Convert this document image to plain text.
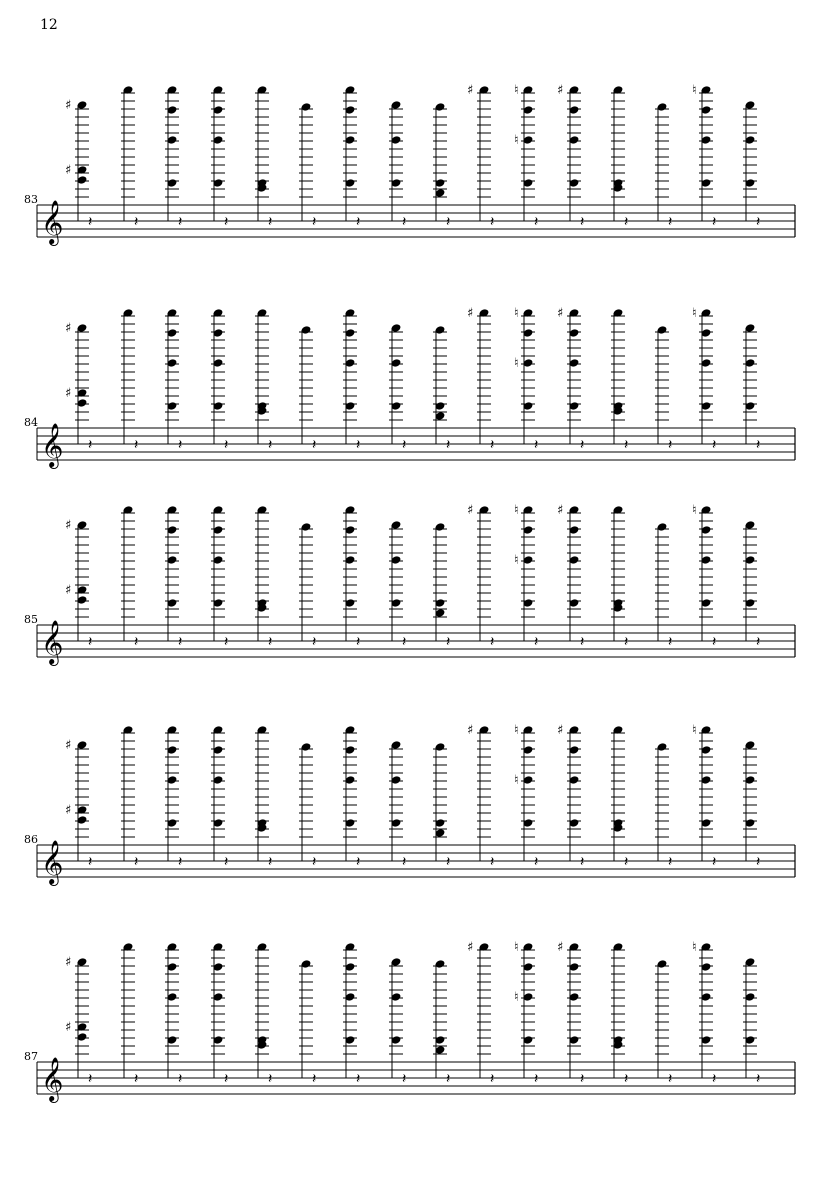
12
83
𝄞 𝄽
♯
♯
𝄽	𝄽	𝄽	𝄽	𝄽	𝄽	𝄽	𝄽	𝄽
♯
𝄽
♮
♮
𝄽
♯
𝄽	𝄽	𝄽
♮
𝄽
84
𝄞 𝄽
♯
♯
𝄽	𝄽	𝄽	𝄽	𝄽	𝄽	𝄽	𝄽	𝄽
♯
𝄽
♮
♮
𝄽
♯
𝄽	𝄽	𝄽
♮
𝄽
85
𝄞 𝄽
♯
♯
𝄽	𝄽	𝄽	𝄽	𝄽	𝄽	𝄽	𝄽	𝄽
♯
𝄽
♮
♮
𝄽
♯
𝄽	𝄽	𝄽
♮
𝄽
86
𝄞 𝄽
♯
♯
𝄽	𝄽	𝄽	𝄽	𝄽	𝄽	𝄽	𝄽	𝄽
♯
𝄽
♮
♮
𝄽
♯
𝄽	𝄽	𝄽
♮
𝄽
87
𝄞 𝄽
♯
♯
𝄽	𝄽	𝄽	𝄽	𝄽	𝄽	𝄽	𝄽	𝄽
♯
𝄽
♮
♮
𝄽
♯
𝄽	𝄽	𝄽
♮
𝄽
